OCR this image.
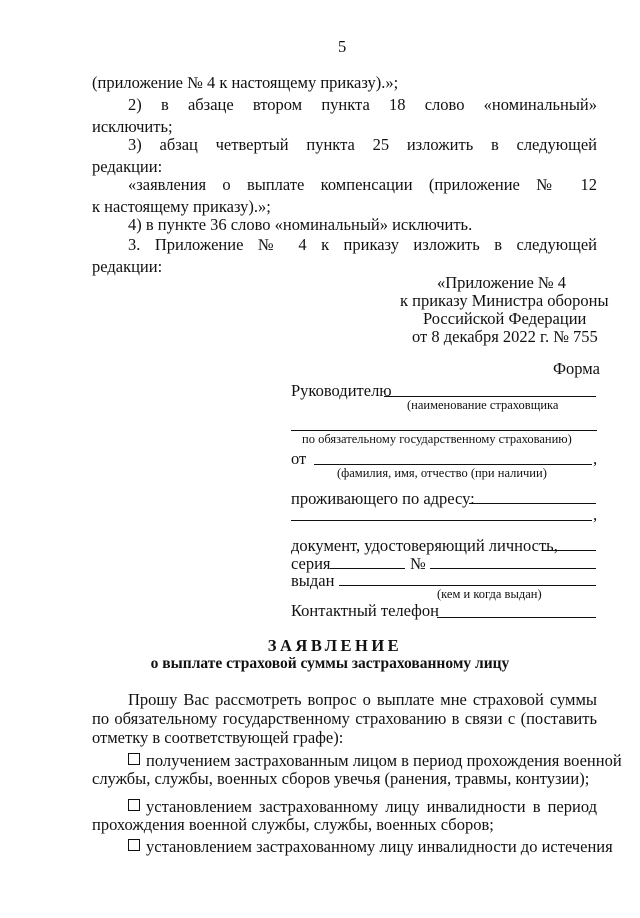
5
(приложение № 4 к настоящему приказу).»;
2) в абзаце втором пункта 18 слово «номинальный»
исключить;
3) абзац четвертый пункта 25 изложить в следующей
редакции:
«заявления о выплате компенсации (приложение № 12
к настоящему приказу).»;
4) в пункте 36 слово «номинальный» исключить.
3. Приложение № 4 к приказу изложить в следующей
редакции:
«Приложение № 4
к приказу Министра обороны
Российской Федерации
от 8 декабря 2022 г. № 755
Форма
Руководителю
(наименование страховщика
по обязательному государственному страхованию)
от	,
(фамилия, имя, отчество (при наличии)
проживающего по адресу:
,
документ, удостоверяющий личность,
серия	№
выдан
(кем и когда выдан)
Контактный телефон
ЗАЯВЛЕНИЕ
о выплате страховой суммы застрахованному лицу
Прошу Вас рассмотреть вопрос о выплате мне страховой суммы
по обязательному государственному страхованию в связи с (поставить
отметку в соответствующей графе):
получением застрахованным лицом в период прохождения военной
службы, службы, военных сборов увечья (ранения, травмы, контузии);
установлением застрахованному лицу инвалидности в период
прохождения военной службы, службы, военных сборов;
установлением застрахованному лицу инвалидности до истечения
